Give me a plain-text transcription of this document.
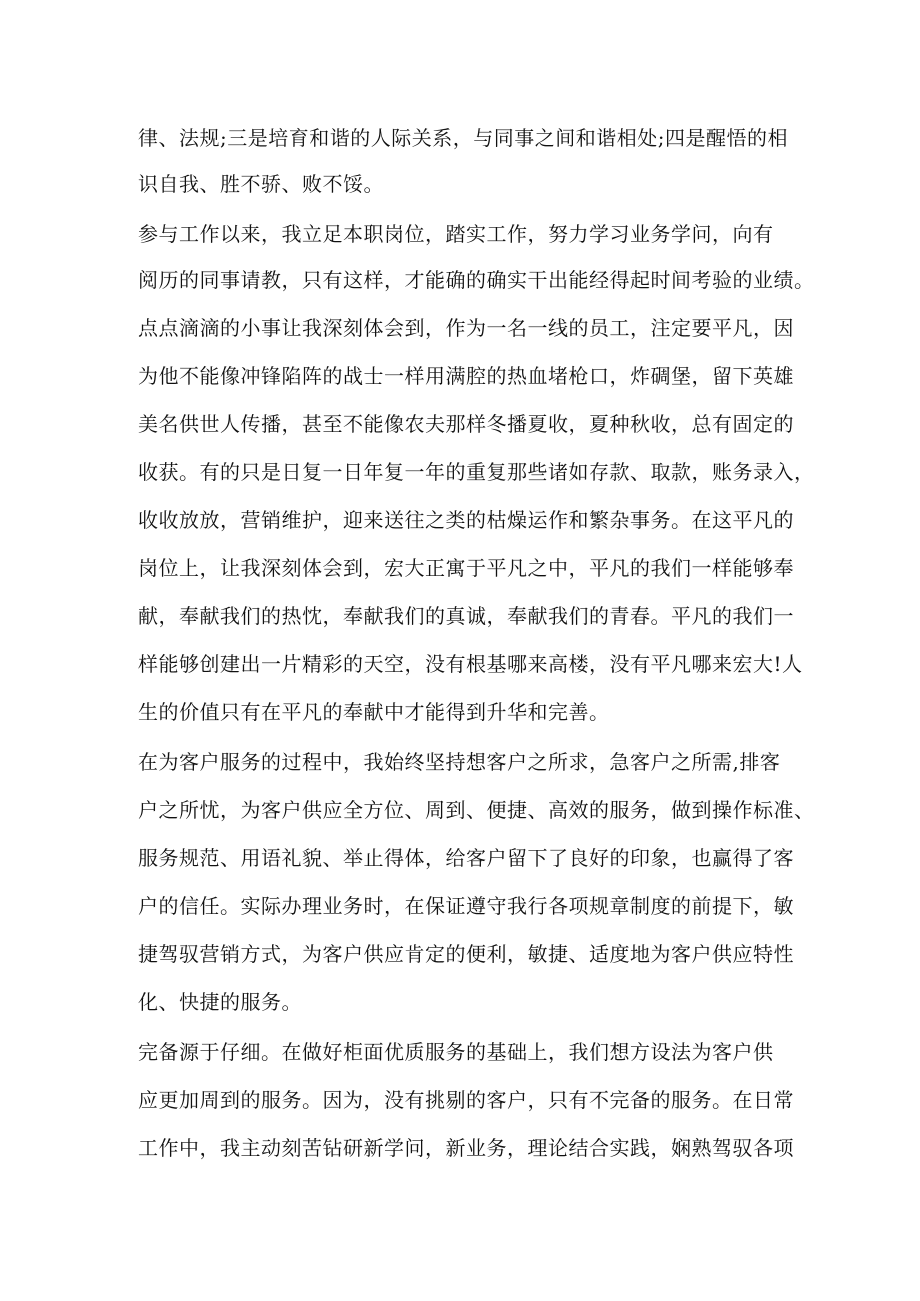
律、法规;三是培育和谐的人际关系，与同事之间和谐相处;四是醒悟的相
识自我、胜不骄、败不馁。
参与工作以来，我立足本职岗位，踏实工作，努力学习业务学问，向有
阅历的同事请教，只有这样，才能确的确实干出能经得起时间考验的业绩。
点点滴滴的小事让我深刻体会到，作为一名一线的员工，注定要平凡，因
为他不能像冲锋陷阵的战士一样用满腔的热血堵枪口，炸碉堡，留下英雄
美名供世人传播，甚至不能像农夫那样冬播夏收，夏种秋收，总有固定的
收获。有的只是日复一日年复一年的重复那些诸如存款、取款，账务录入，
收收放放，营销维护，迎来送往之类的枯燥运作和繁杂事务。在这平凡的
岗位上，让我深刻体会到，宏大正寓于平凡之中，平凡的我们一样能够奉
献，奉献我们的热忱，奉献我们的真诚，奉献我们的青春。平凡的我们一
样能够创建出一片精彩的天空，没有根基哪来高楼，没有平凡哪来宏大!人
生的价值只有在平凡的奉献中才能得到升华和完善。
在为客户服务的过程中，我始终坚持想客户之所求，急客户之所需,排客
户之所忧，为客户供应全方位、周到、便捷、高效的服务，做到操作标准、
服务规范、用语礼貌、举止得体，给客户留下了良好的印象，也赢得了客
户的信任。实际办理业务时，在保证遵守我行各项规章制度的前提下，敏
捷驾驭营销方式，为客户供应肯定的便利，敏捷、适度地为客户供应特性
化、快捷的服务。
完备源于仔细。在做好柜面优质服务的基础上，我们想方设法为客户供
应更加周到的服务。因为，没有挑剔的客户，只有不完备的服务。在日常
工作中，我主动刻苦钻研新学问，新业务，理论结合实践，娴熟驾驭各项
